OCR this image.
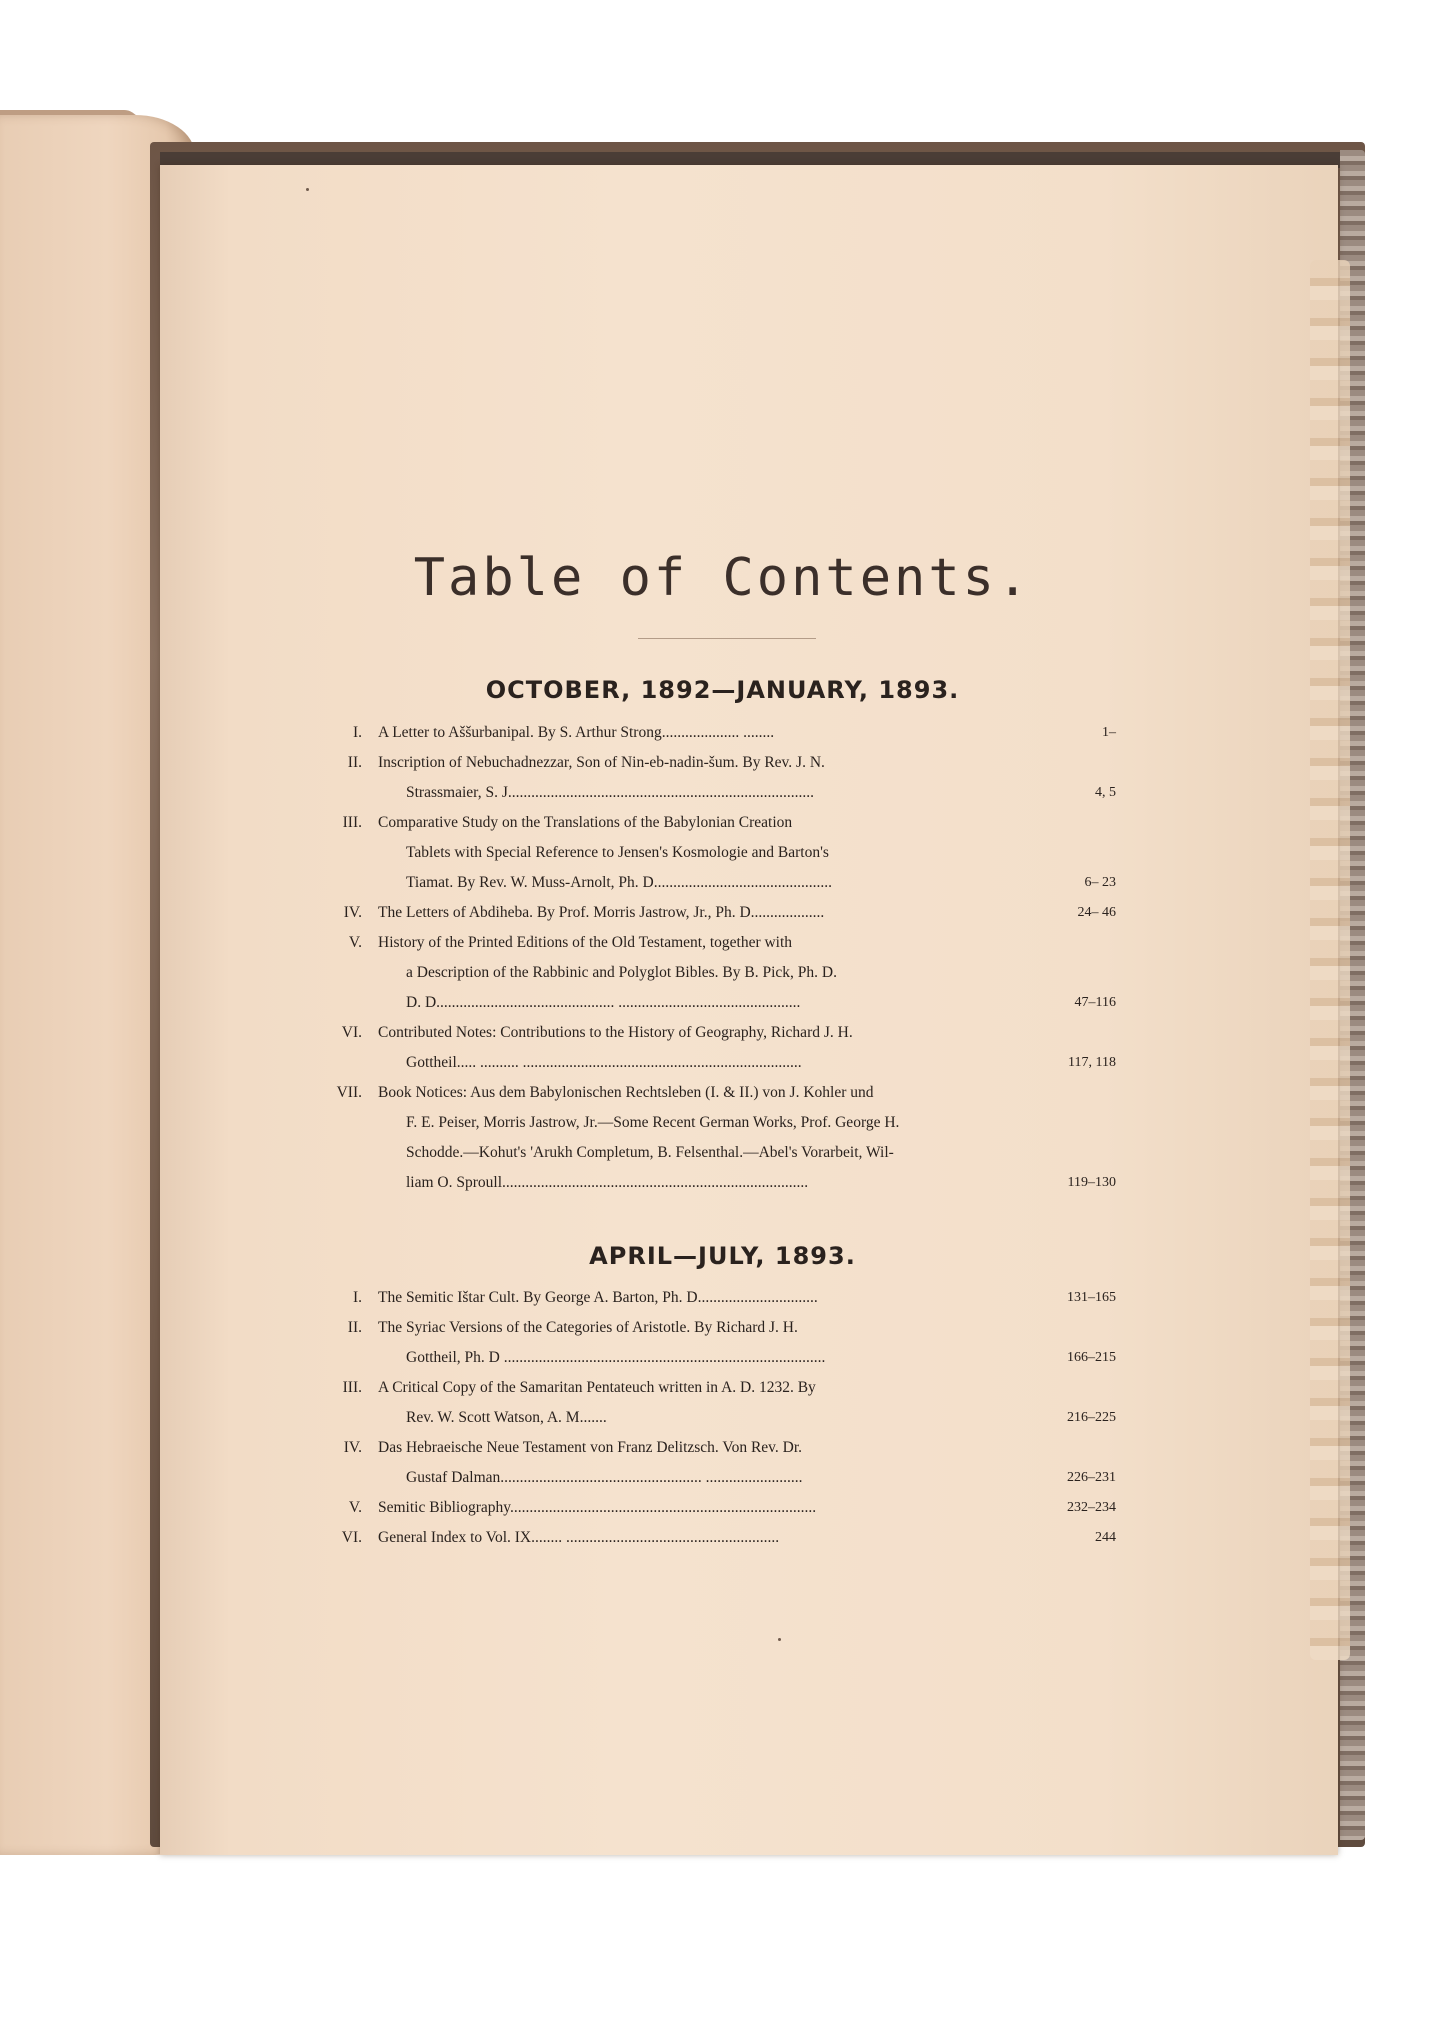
Table of Contents.
OCTOBER, 1892—JANUARY, 1893.
I. A Letter to Aššurbanipal. By S. Arthur Strong.................... ........	1–
II. Inscription of Nebuchadnezzar, Son of Nin-eb-nadin-šum. By Rev. J. N.
Strassmaier, S. J...............................................................................	4, 5
III. Comparative Study on the Translations of the Babylonian Creation
Tablets with Special Reference to Jensen's Kosmologie and Barton's
Tiamat. By Rev. W. Muss-Arnolt, Ph. D..............................................	6– 23
IV. The Letters of Abdiheba. By Prof. Morris Jastrow, Jr., Ph. D...................	24– 46
V. History of the Printed Editions of the Old Testament, together with
a Description of the Rabbinic and Polyglot Bibles. By B. Pick, Ph. D.
D. D.............................................. ...............................................	47–116
VI. Contributed Notes: Contributions to the History of Geography, Richard J. H.
Gottheil..... .......... ........................................................................	117, 118
VII. Book Notices: Aus dem Babylonischen Rechtsleben (I. & II.) von J. Kohler und
F. E. Peiser, Morris Jastrow, Jr.—Some Recent German Works, Prof. George H.
Schodde.—Kohut's 'Arukh Completum, B. Felsenthal.—Abel's Vorarbeit, Wil-
liam O. Sproull...............................................................................	119–130
APRIL—JULY, 1893.
I. The Semitic Ištar Cult. By George A. Barton, Ph. D...............................	131–165
II. The Syriac Versions of the Categories of Aristotle. By Richard J. H.
Gottheil, Ph. D ...................................................................................	166–215
III. A Critical Copy of the Samaritan Pentateuch written in A. D. 1232. By
Rev. W. Scott Watson, A. M.......	216–225
IV. Das Hebraeische Neue Testament von Franz Delitzsch. Von Rev. Dr.
Gustaf Dalman.................................................... .........................	226–231
V. Semitic Bibliography...............................................................................	232–234
VI. General Index to Vol. IX........ .......................................................	244
